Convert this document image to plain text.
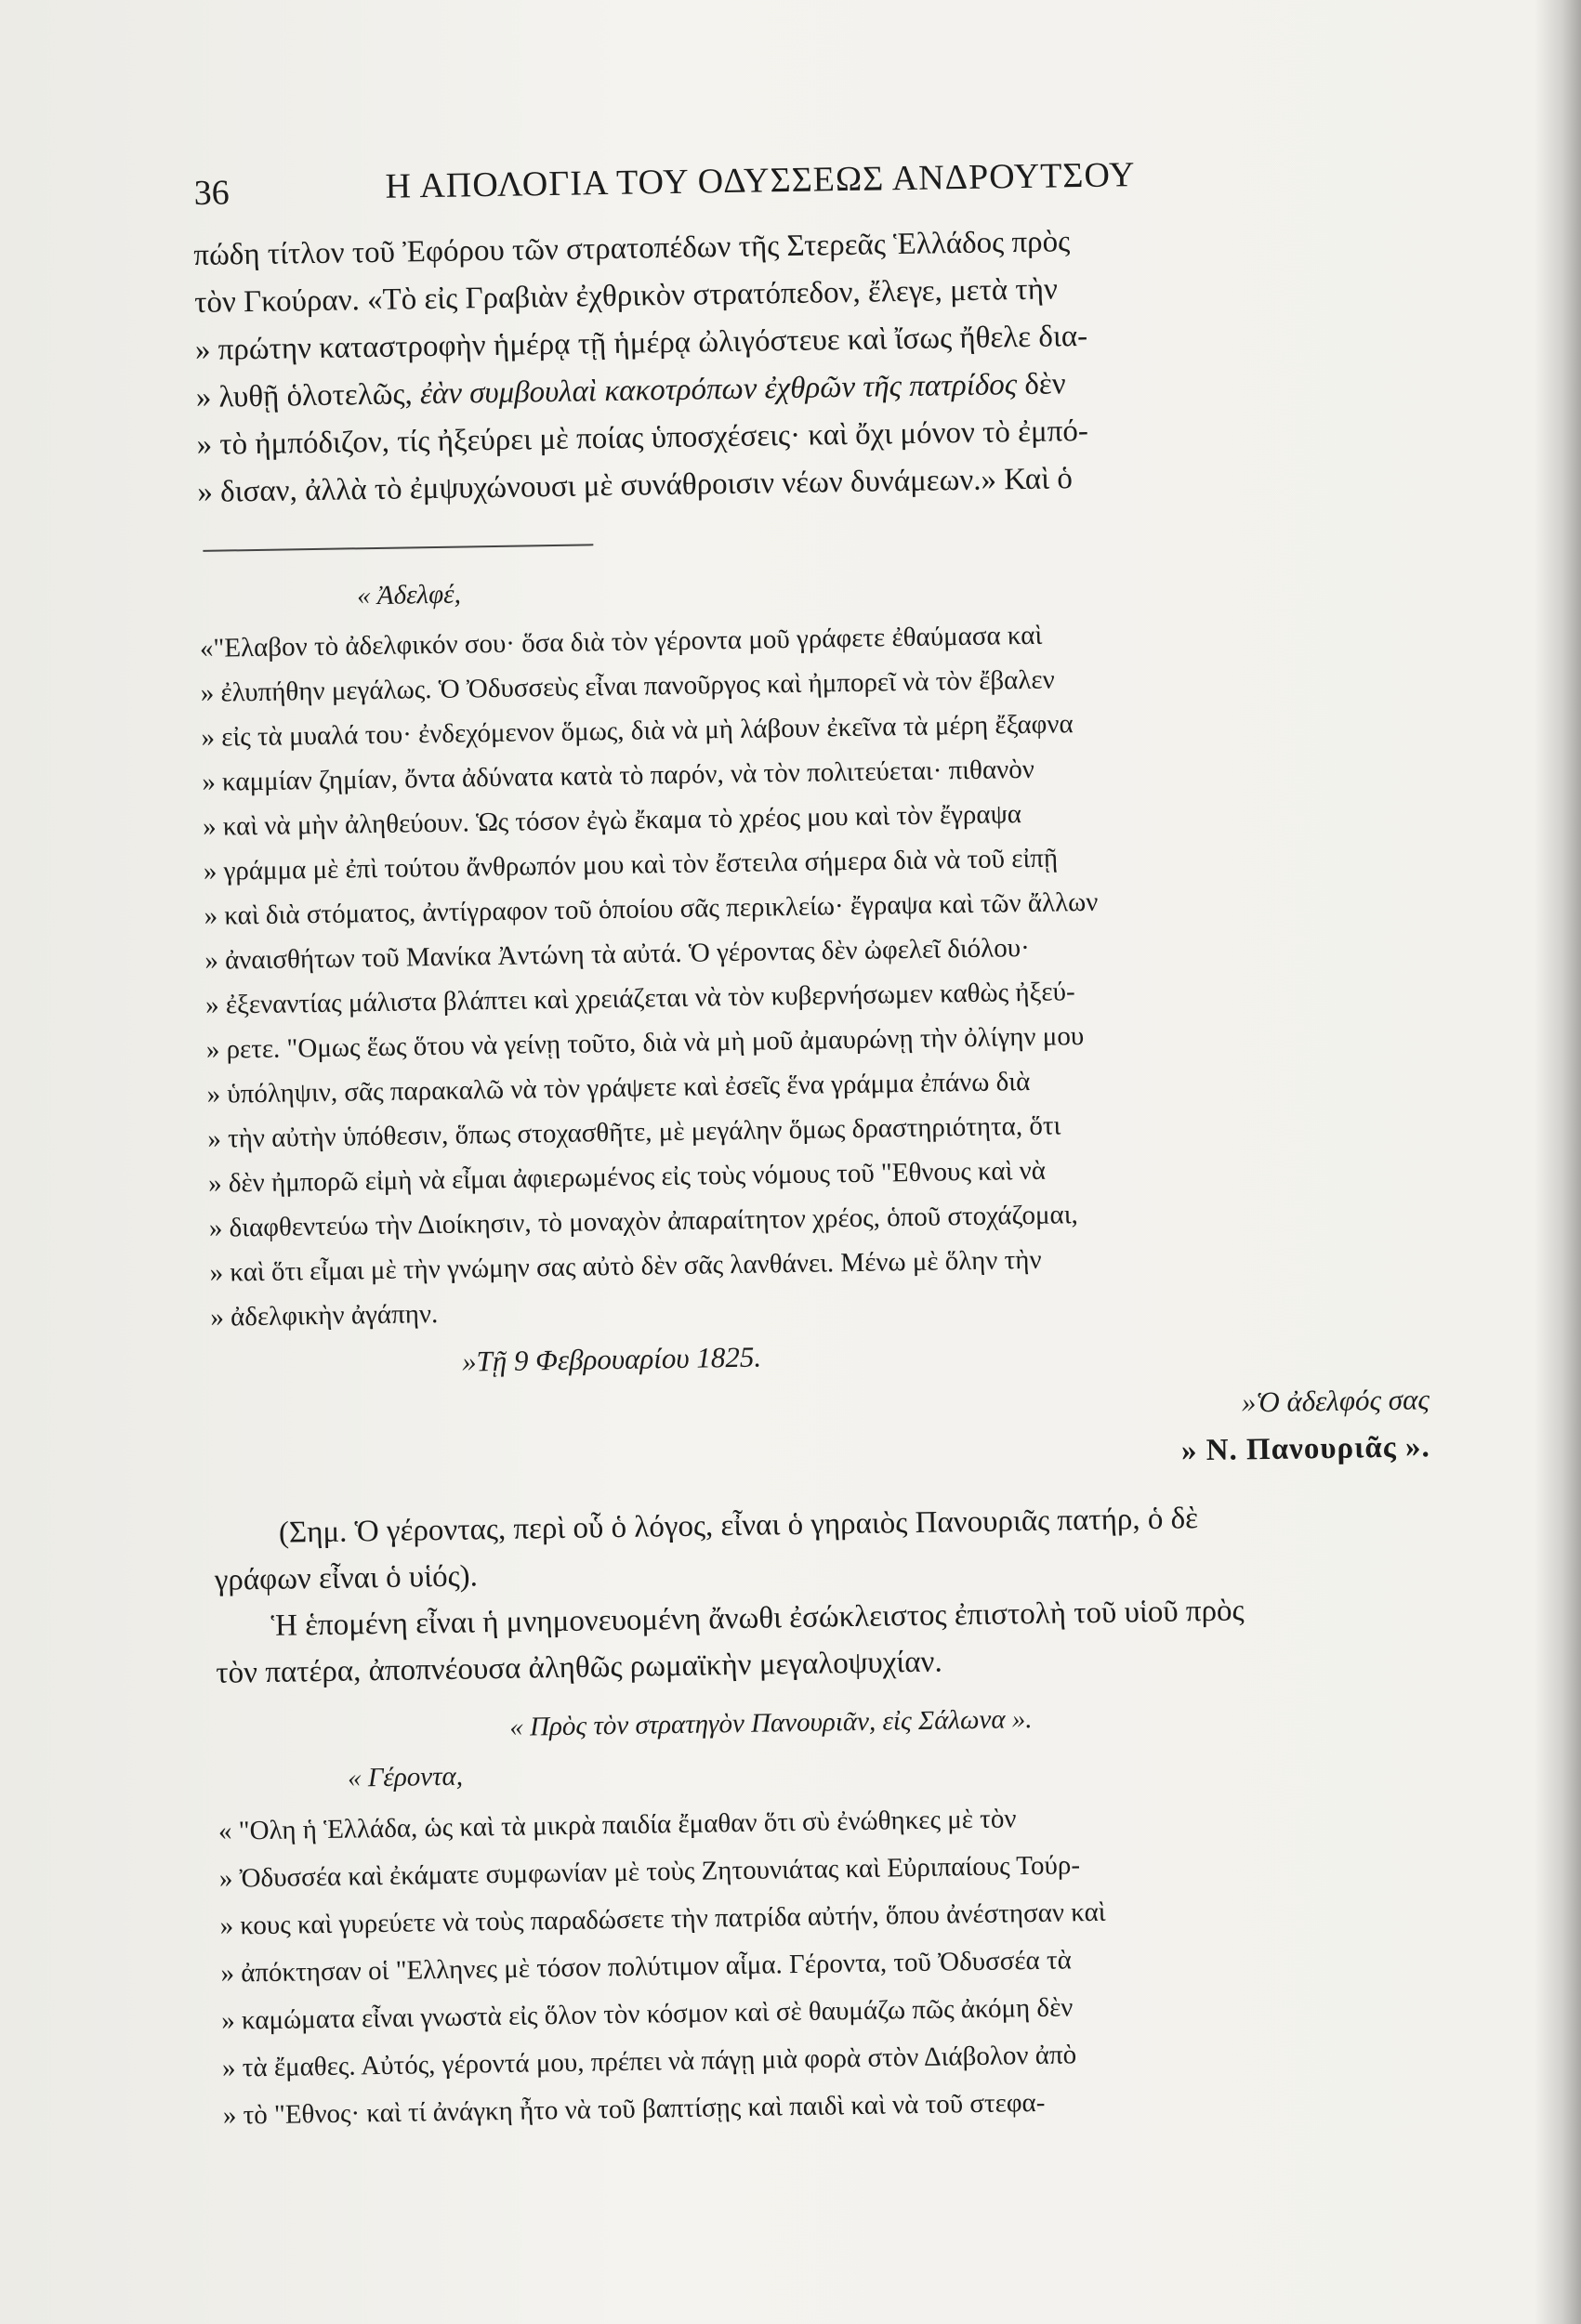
36	Η ΑΠΟΛΟΓΙΑ ΤΟΥ ΟΔΥΣΣΕΩΣ ΑΝΔΡΟΥΤΣΟΥ
πώδη τίτλον τοῦ Ἐφόρου τῶν στρατοπέδων τῆς Στερεᾶς Ἑλλάδος πρὸς
τὸν Γκούραν. «Τὸ εἰς Γραβιὰν ἐχθρικὸν στρατόπεδον, ἔλεγε, μετὰ τὴν
» πρώτην καταστροφὴν ἡμέρᾳ τῇ ἡμέρᾳ ὠλιγόστευε καὶ ἴσως ἤθελε δια-
» λυθῇ ὁλοτελῶς, ἐὰν συμβουλαὶ κακοτρόπων ἐχθρῶν τῆς πατρίδος δὲν
» τὸ ἠμπόδιζον, τίς ἠξεύρει μὲ ποίας ὑποσχέσεις· καὶ ὄχι μόνον τὸ ἐμπό-
» δισαν, ἀλλὰ τὸ ἐμψυχώνουσι μὲ συνάθροισιν νέων δυνάμεων.» Καὶ ὁ
« Ἀδελφέ,
«"Ελαβον τὸ ἀδελφικόν σου· ὅσα διὰ τὸν γέροντα μοῦ γράφετε ἐθαύμασα καὶ
» ἐλυπήθην μεγάλως. Ὁ Ὀδυσσεὺς εἶναι πανοῦργος καὶ ἠμπορεῖ νὰ τὸν ἔβαλεν
» εἰς τὰ μυαλά του· ἐνδεχόμενον ὅμως, διὰ νὰ μὴ λάβουν ἐκεῖνα τὰ μέρη ἔξαφνα
» καμμίαν ζημίαν, ὄντα ἀδύνατα κατὰ τὸ παρόν, νὰ τὸν πολιτεύεται· πιθανὸν
» καὶ νὰ μὴν ἀληθεύουν. Ὡς τόσον ἐγὼ ἔκαμα τὸ χρέος μου καὶ τὸν ἔγραψα
» γράμμα μὲ ἐπὶ τούτου ἄνθρωπόν μου καὶ τὸν ἔστειλα σήμερα διὰ νὰ τοῦ εἰπῇ
» καὶ διὰ στόματος, ἀντίγραφον τοῦ ὁποίου σᾶς περικλείω· ἔγραψα καὶ τῶν ἄλλων
» ἀναισθήτων τοῦ Μανίκα Ἀντώνη τὰ αὐτά. Ὁ γέροντας δὲν ὠφελεῖ διόλου·
» ἐξεναντίας μάλιστα βλάπτει καὶ χρειάζεται νὰ τὸν κυβερνήσωμεν καθὼς ἠξεύ-
» ρετε. "Ομως ἕως ὅτου νὰ γείνῃ τοῦτο, διὰ νὰ μὴ μοῦ ἀμαυρώνῃ τὴν ὀλίγην μου
» ὑπόληψιν, σᾶς παρακαλῶ νὰ τὸν γράψετε καὶ ἐσεῖς ἕνα γράμμα ἐπάνω διὰ
» τὴν αὐτὴν ὑπόθεσιν, ὅπως στοχασθῆτε, μὲ μεγάλην ὅμως δραστηριότητα, ὅτι
» δὲν ἠμπορῶ εἰμὴ νὰ εἶμαι ἀφιερωμένος εἰς τοὺς νόμους τοῦ "Εθνους καὶ νὰ
» διαφθεντεύω τὴν Διοίκησιν, τὸ μοναχὸν ἀπαραίτητον χρέος, ὁποῦ στοχάζομαι,
» καὶ ὅτι εἶμαι μὲ τὴν γνώμην σας αὐτὸ δὲν σᾶς λανθάνει. Μένω μὲ ὅλην τὴν
» ἀδελφικὴν ἀγάπην.
»Τῇ 9 Φεβρουαρίου 1825.
»Ὁ ἀδελφός σας
» Ν. Πανουριᾶς ».
(Σημ. Ὁ γέροντας, περὶ οὗ ὁ λόγος, εἶναι ὁ γηραιὸς Πανουριᾶς πατήρ, ὁ δὲ
γράφων εἶναι ὁ υἱός).
Ἡ ἑπομένη εἶναι ἡ μνημονευομένη ἄνωθι ἐσώκλειστος ἐπιστολὴ τοῦ υἱοῦ πρὸς
τὸν πατέρα, ἀποπνέουσα ἀληθῶς ρωμαϊκὴν μεγαλοψυχίαν.
« Πρὸς τὸν στρατηγὸν Πανουριᾶν, εἰς Σάλωνα ».
« Γέροντα,
« "Ολη ἡ Ἑλλάδα, ὡς καὶ τὰ μικρὰ παιδία ἔμαθαν ὅτι σὺ ἐνώθηκες μὲ τὸν
» Ὀδυσσέα καὶ ἐκάματε συμφωνίαν μὲ τοὺς Ζητουνιάτας καὶ Εὐριπαίους Τούρ-
» κους καὶ γυρεύετε νὰ τοὺς παραδώσετε τὴν πατρίδα αὐτήν, ὅπου ἀνέστησαν καὶ
» ἀπόκτησαν οἱ "Ελληνες μὲ τόσον πολύτιμον αἷμα. Γέροντα, τοῦ Ὀδυσσέα τὰ
» καμώματα εἶναι γνωστὰ εἰς ὅλον τὸν κόσμον καὶ σὲ θαυμάζω πῶς ἀκόμη δὲν
» τὰ ἔμαθες. Αὐτός, γέροντά μου, πρέπει νὰ πάγῃ μιὰ φορὰ στὸν Διάβολον ἀπὸ
» τὸ "Εθνος· καὶ τί ἀνάγκη ἦτο νὰ τοῦ βαπτίσῃς καὶ παιδὶ καὶ νὰ τοῦ στεφα-
